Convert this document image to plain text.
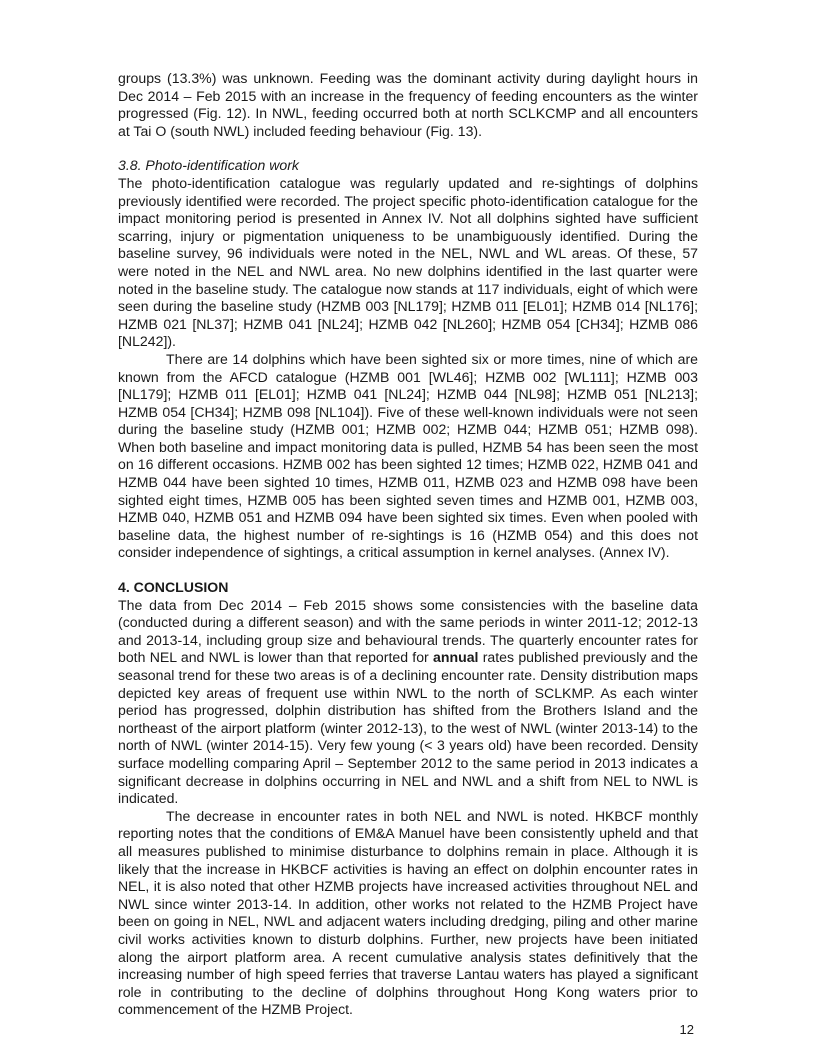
groups (13.3%) was unknown. Feeding was the dominant activity during daylight hours in Dec 2014 – Feb 2015 with an increase in the frequency of feeding encounters as the winter progressed (Fig. 12). In NWL, feeding occurred both at north SCLKCMP and all encounters at Tai O (south NWL) included feeding behaviour (Fig. 13).

3.8. Photo-identification work

The photo-identification catalogue was regularly updated and re-sightings of dolphins previously identified were recorded. The project specific photo-identification catalogue for the impact monitoring period is presented in Annex IV. Not all dolphins sighted have sufficient scarring, injury or pigmentation uniqueness to be unambiguously identified. During the baseline survey, 96 individuals were noted in the NEL, NWL and WL areas. Of these, 57 were noted in the NEL and NWL area. No new dolphins identified in the last quarter were noted in the baseline study. The catalogue now stands at 117 individuals, eight of which were seen during the baseline study (HZMB 003 [NL179]; HZMB 011 [EL01]; HZMB 014 [NL176]; HZMB 021 [NL37]; HZMB 041 [NL24]; HZMB 042 [NL260]; HZMB 054 [CH34]; HZMB 086 [NL242]).

There are 14 dolphins which have been sighted six or more times, nine of which are known from the AFCD catalogue (HZMB 001 [WL46]; HZMB 002 [WL111]; HZMB 003 [NL179]; HZMB 011 [EL01]; HZMB 041 [NL24]; HZMB 044 [NL98]; HZMB 051 [NL213]; HZMB 054 [CH34]; HZMB 098 [NL104]). Five of these well-known individuals were not seen during the baseline study (HZMB 001; HZMB 002; HZMB 044; HZMB 051; HZMB 098). When both baseline and impact monitoring data is pulled, HZMB 54 has been seen the most on 16 different occasions. HZMB 002 has been sighted 12 times; HZMB 022, HZMB 041 and HZMB 044 have been sighted 10 times, HZMB 011, HZMB 023 and HZMB 098 have been sighted eight times, HZMB 005 has been sighted seven times and HZMB 001, HZMB 003, HZMB 040, HZMB 051 and HZMB 094 have been sighted six times. Even when pooled with baseline data, the highest number of re-sightings is 16 (HZMB 054) and this does not consider independence of sightings, a critical assumption in kernel analyses. (Annex IV).

4. CONCLUSION

The data from Dec 2014 – Feb 2015 shows some consistencies with the baseline data (conducted during a different season) and with the same periods in winter 2011-12; 2012-13 and 2013-14, including group size and behavioural trends. The quarterly encounter rates for both NEL and NWL is lower than that reported for annual rates published previously and the seasonal trend for these two areas is of a declining encounter rate. Density distribution maps depicted key areas of frequent use within NWL to the north of SCLKMP. As each winter period has progressed, dolphin distribution has shifted from the Brothers Island and the northeast of the airport platform (winter 2012-13), to the west of NWL (winter 2013-14) to the north of NWL (winter 2014-15). Very few young (< 3 years old) have been recorded. Density surface modelling comparing April – September 2012 to the same period in 2013 indicates a significant decrease in dolphins occurring in NEL and NWL and a shift from NEL to NWL is indicated.

The decrease in encounter rates in both NEL and NWL is noted. HKBCF monthly reporting notes that the conditions of EM&A Manuel have been consistently upheld and that all measures published to minimise disturbance to dolphins remain in place. Although it is likely that the increase in HKBCF activities is having an effect on dolphin encounter rates in NEL, it is also noted that other HZMB projects have increased activities throughout NEL and NWL since winter 2013-14. In addition, other works not related to the HZMB Project have been on going in NEL, NWL and adjacent waters including dredging, piling and other marine civil works activities known to disturb dolphins. Further, new projects have been initiated along the airport platform area. A recent cumulative analysis states definitively that the increasing number of high speed ferries that traverse Lantau waters has played a significant role in contributing to the decline of dolphins throughout Hong Kong waters prior to commencement of the HZMB Project.

12
